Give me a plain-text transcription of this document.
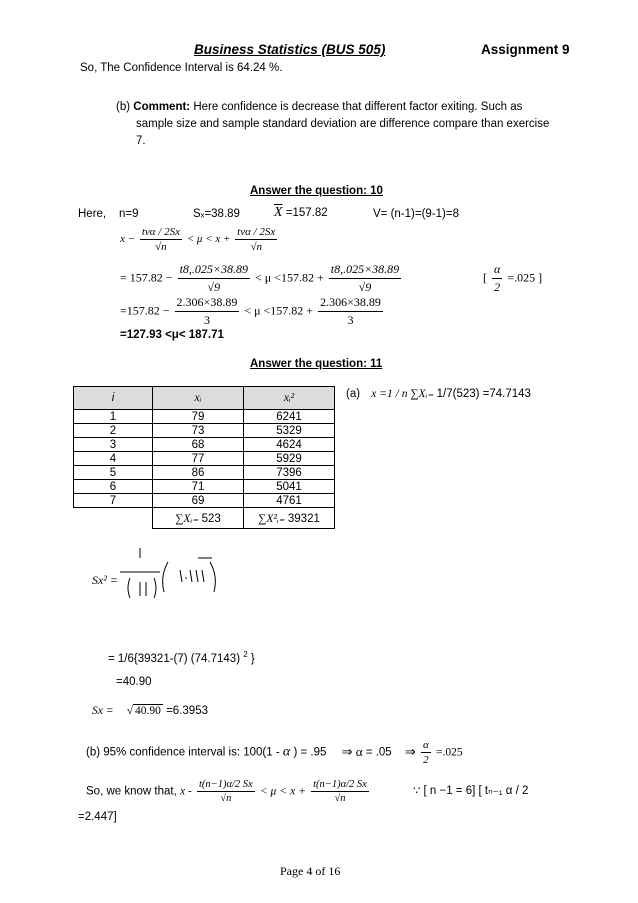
Business Statistics (BUS 505)	Assignment 9
So, The Confidence Interval is 64.24 %.
(b) Comment: Here confidence is decrease that different factor exiting. Such as
sample size and sample standard deviation are difference compare than exercise
7.
Answer the question: 10
Here, n=9	Sₓ=38.89 $\overline{X} =157.82$	V= (n-1)=(9-1)=8
$x - \frac{\text{tvα / 2Sx}}{√n} < \mu < x + \frac{\text{tvα / 2Sx}}{√n}$
= $157.82 - \frac{t8,.025\times 38.89}{√9} < \mu <157.82 + \frac{t8,.025\times 38.89}{√9}$	[ $\frac{\alpha}{2} =.025$ ]
$=157.82 - \frac{2.306\times 38.89}{3} < \mu <157.82 + \frac{2.306\times 38.89}{3}$
=127.93 <μ< 187.71
Answer the question: 11
i	xᵢ	xᵢ²
1	79	6241
2	73	5329
3	68	4624
4	77	5929
5	86	7396
6	71	5041
7	69	4761
	∑Xᵢ₌ 523	∑X²ᵢ₌ 39321
(a) x =1 / n ∑Xᵢ₌ 1/7(523) =74.7143
Sx² =
= 1/6{39321-(7) (74.7143) $^2$ }
=40.90
Sx = √ 40.90 =6.3953
(b) 95% confidence interval is: 100(1 - α ) = .95 ⇒ α = .05 ⇒ $\frac{\alpha}{2} =.025$
So, we know that, $x - \frac{t(n-1)\alpha/2 Sx}{√n} < \mu < x + \frac{t(n-1)\alpha/2 Sx}{√n}$	∵ [ n −1 = 6] [ tₙ₋₁ α / 2
=2.447]
Page 4 of 16
